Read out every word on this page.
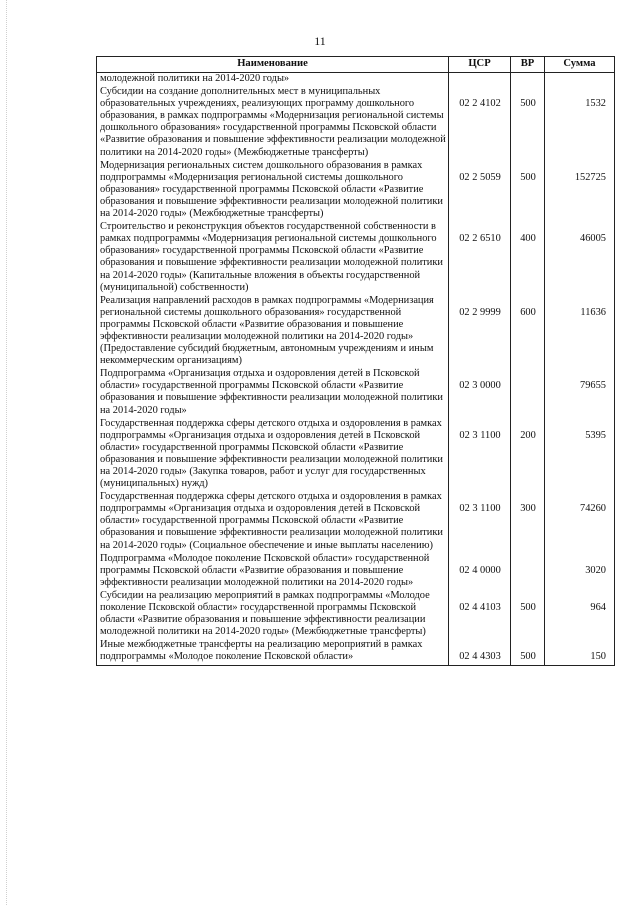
11
Наименование	ЦСР	ВР	Сумма
молодежной политики на 2014-2020 годы»			
Субсидии на создание дополнительных мест в муниципальных образовательных учреждениях, реализующих программу дошкольного образования, в рамках подпрограммы «Модернизация региональной системы дошкольного образования» государственной программы Псковской области «Развитие образования и повышение эффективности реализации молодежной политики на 2014-2020 годы» (Межбюджетные трансферты)	02 2 4102	500	1532
Модернизация региональных систем дошкольного образования в рамках подпрограммы «Модернизация региональной системы дошкольного образования» государственной программы Псковской области «Развитие образования и повышение эффективности реализации молодежной политики на 2014-2020 годы» (Межбюджетные трансферты)	02 2 5059	500	152725
Строительство и реконструкция объектов государственной собственности в рамках подпрограммы «Модернизация региональной системы дошкольного образования» государственной программы Псковской области «Развитие образования и повышение эффективности реализации молодежной политики на 2014-2020 годы» (Капитальные вложения в объекты государственной (муниципальной) собственности)	02 2 6510	400	46005
Реализация направлений расходов в рамках подпрограммы «Модернизация региональной системы дошкольного образования» государственной программы Псковской области «Развитие образования и повышение эффективности реализации молодежной политики на 2014-2020 годы» (Предоставление субсидий бюджетным, автономным учреждениям и иным некоммерческим организациям)	02 2 9999	600	11636
Подпрограмма «Организация отдыха и оздоровления детей в Псковской области» государственной программы Псковской области «Развитие образования и повышение эффективности реализации молодежной политики на 2014-2020 годы»	02 3 0000		79655
Государственная поддержка сферы детского отдыха и оздоровления в рамках подпрограммы «Организация отдыха и оздоровления детей в Псковской области» государственной программы Псковской области «Развитие образования и повышение эффективности реализации молодежной политики на 2014-2020 годы» (Закупка товаров, работ и услуг для государственных (муниципальных) нужд)	02 3 1100	200	5395
Государственная поддержка сферы детского отдыха и оздоровления в рамках подпрограммы «Организация отдыха и оздоровления детей в Псковской области» государственной программы Псковской области «Развитие образования и повышение эффективности реализации молодежной политики на 2014-2020 годы» (Социальное обеспечение и иные выплаты населению)	02 3 1100	300	74260
Подпрограмма «Молодое поколение Псковской области» государственной программы Псковской области «Развитие образования и повышение эффективности реализации молодежной политики на 2014-2020 годы»	02 4 0000		3020
Субсидии на реализацию мероприятий в рамках подпрограммы «Молодое поколение Псковской области» государственной программы Псковской области «Развитие образования и повышение эффективности реализации молодежной политики на 2014-2020 годы» (Межбюджетные трансферты)	02 4 4103	500	964
Иные межбюджетные трансферты на реализацию мероприятий в рамках подпрограммы «Молодое поколение Псковской области»	02 4 4303	500	150
